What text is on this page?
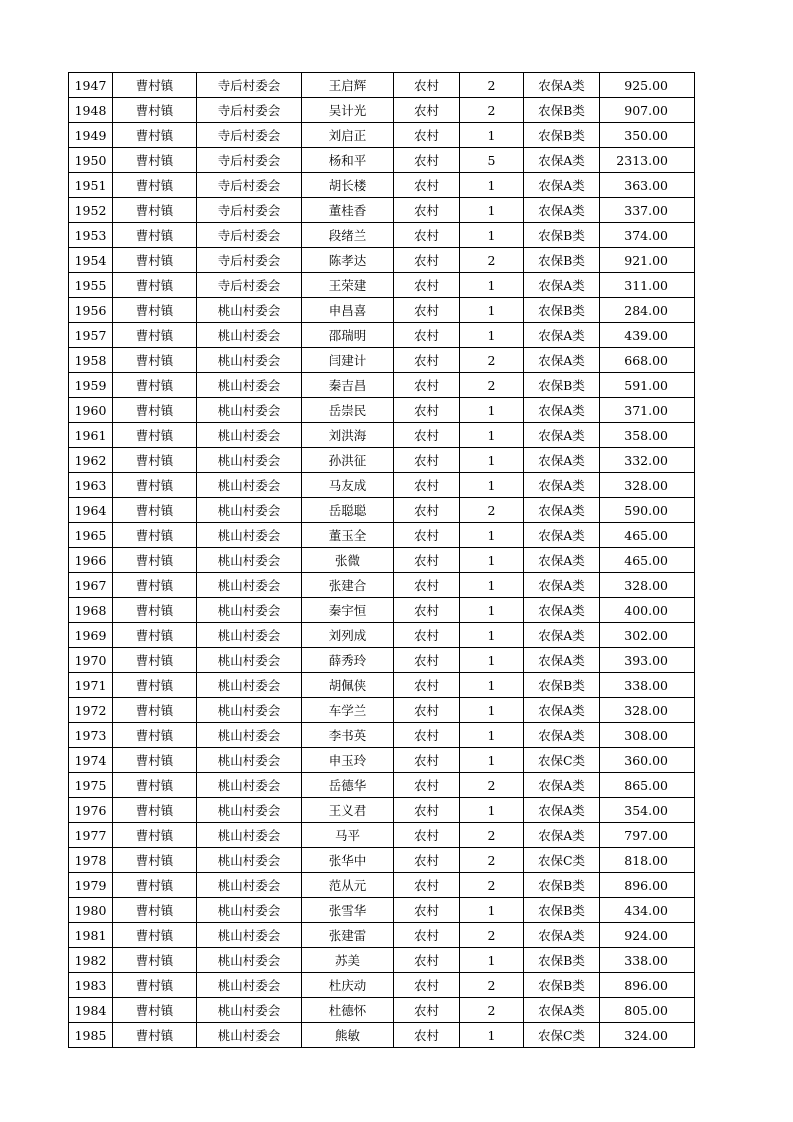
1947	曹村镇	寺后村委会	王启辉	农村	2	农保A类	925.00
1948	曹村镇	寺后村委会	吴计光	农村	2	农保B类	907.00
1949	曹村镇	寺后村委会	刘启正	农村	1	农保B类	350.00
1950	曹村镇	寺后村委会	杨和平	农村	5	农保A类	2313.00
1951	曹村镇	寺后村委会	胡长楼	农村	1	农保A类	363.00
1952	曹村镇	寺后村委会	董桂香	农村	1	农保A类	337.00
1953	曹村镇	寺后村委会	段绪兰	农村	1	农保B类	374.00
1954	曹村镇	寺后村委会	陈孝达	农村	2	农保B类	921.00
1955	曹村镇	寺后村委会	王荣建	农村	1	农保A类	311.00
1956	曹村镇	桃山村委会	申昌喜	农村	1	农保B类	284.00
1957	曹村镇	桃山村委会	邵瑞明	农村	1	农保A类	439.00
1958	曹村镇	桃山村委会	闫建计	农村	2	农保A类	668.00
1959	曹村镇	桃山村委会	秦吉昌	农村	2	农保B类	591.00
1960	曹村镇	桃山村委会	岳崇民	农村	1	农保A类	371.00
1961	曹村镇	桃山村委会	刘洪海	农村	1	农保A类	358.00
1962	曹村镇	桃山村委会	孙洪征	农村	1	农保A类	332.00
1963	曹村镇	桃山村委会	马友成	农村	1	农保A类	328.00
1964	曹村镇	桃山村委会	岳聪聪	农村	2	农保A类	590.00
1965	曹村镇	桃山村委会	董玉全	农村	1	农保A类	465.00
1966	曹村镇	桃山村委会	张微	农村	1	农保A类	465.00
1967	曹村镇	桃山村委会	张建合	农村	1	农保A类	328.00
1968	曹村镇	桃山村委会	秦宇恒	农村	1	农保A类	400.00
1969	曹村镇	桃山村委会	刘列成	农村	1	农保A类	302.00
1970	曹村镇	桃山村委会	薛秀玲	农村	1	农保A类	393.00
1971	曹村镇	桃山村委会	胡佩侠	农村	1	农保B类	338.00
1972	曹村镇	桃山村委会	车学兰	农村	1	农保A类	328.00
1973	曹村镇	桃山村委会	李书英	农村	1	农保A类	308.00
1974	曹村镇	桃山村委会	申玉玲	农村	1	农保C类	360.00
1975	曹村镇	桃山村委会	岳德华	农村	2	农保A类	865.00
1976	曹村镇	桃山村委会	王义君	农村	1	农保A类	354.00
1977	曹村镇	桃山村委会	马平	农村	2	农保A类	797.00
1978	曹村镇	桃山村委会	张华中	农村	2	农保C类	818.00
1979	曹村镇	桃山村委会	范从元	农村	2	农保B类	896.00
1980	曹村镇	桃山村委会	张雪华	农村	1	农保B类	434.00
1981	曹村镇	桃山村委会	张建雷	农村	2	农保A类	924.00
1982	曹村镇	桃山村委会	苏美	农村	1	农保B类	338.00
1983	曹村镇	桃山村委会	杜庆动	农村	2	农保B类	896.00
1984	曹村镇	桃山村委会	杜德怀	农村	2	农保A类	805.00
1985	曹村镇	桃山村委会	熊敏	农村	1	农保C类	324.00
